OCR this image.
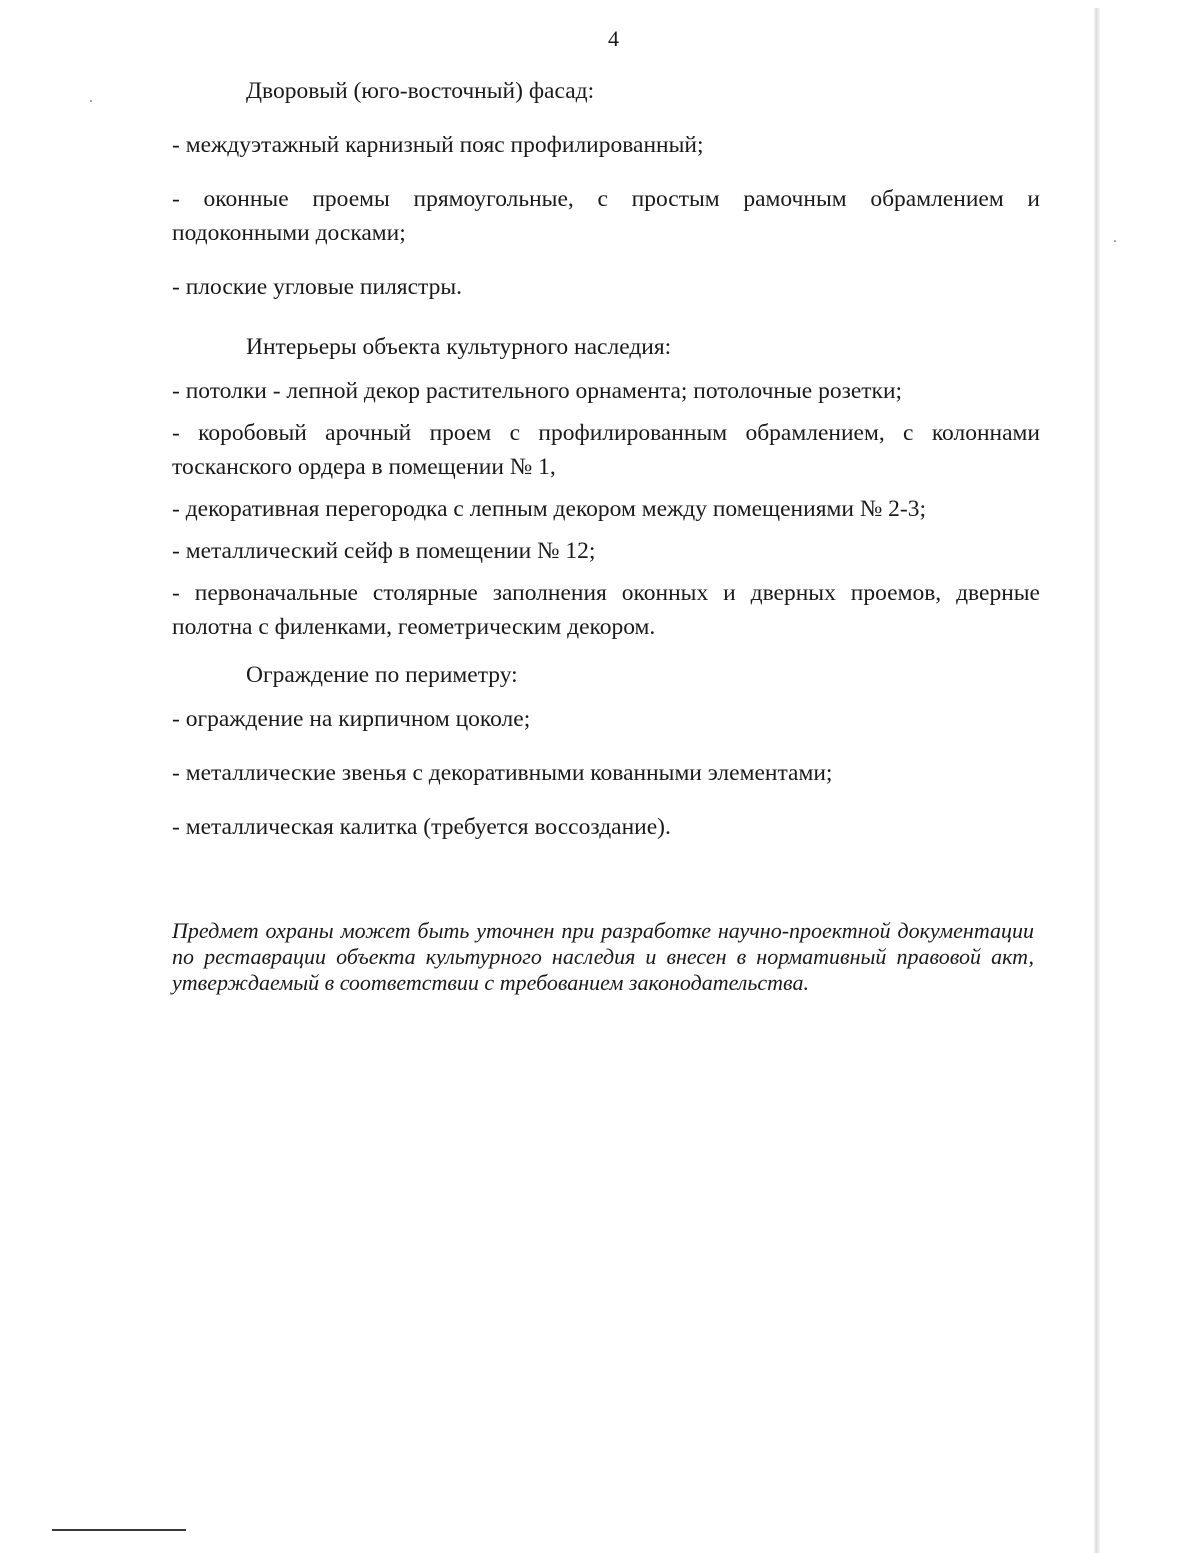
4

Дворовый (юго-восточный) фасад:

- междуэтажный карнизный пояс профилированный;

- оконные проемы прямоугольные, с простым рамочным обрамлением и подоконными досками;

- плоские угловые пилястры.

Интерьеры объекта культурного наследия:

- потолки - лепной декор растительного орнамента; потолочные розетки;

- коробовый арочный проем с профилированным обрамлением, с колоннами тосканского ордера в помещении № 1,

- декоративная перегородка с лепным декором между помещениями № 2-3;

- металлический сейф в помещении № 12;

- первоначальные столярные заполнения оконных и дверных проемов, дверные полотна с филенками, геометрическим декором.

Ограждение по периметру:

- ограждение на кирпичном цоколе;

- металлические звенья с декоративными кованными элементами;

- металлическая калитка (требуется воссоздание).

Предмет охраны может быть уточнен при разработке научно-проектной документации по реставрации объекта культурного наследия и внесен в нормативный правовой акт, утверждаемый в соответствии с требованием законодательства.
